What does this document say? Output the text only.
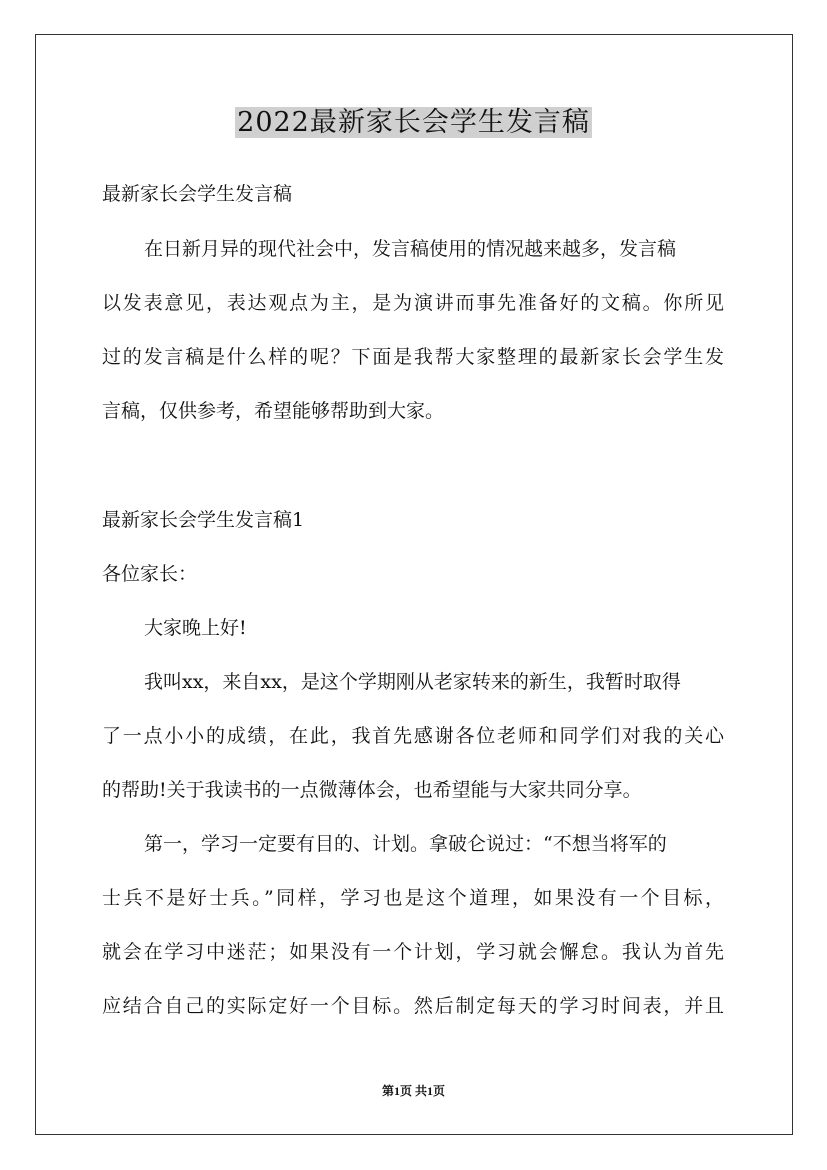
2022最新家长会学生发言稿
最新家长会学生发言稿
在日新月异的现代社会中，发言稿使用的情况越来越多，发言稿
以发表意见，表达观点为主，是为演讲而事先准备好的文稿。你所见
过的发言稿是什么样的呢？下面是我帮大家整理的最新家长会学生发
言稿，仅供参考，希望能够帮助到大家。
最新家长会学生发言稿1
各位家长：
大家晚上好!
我叫xx，来自xx，是这个学期刚从老家转来的新生，我暂时取得
了一点小小的成绩，在此，我首先感谢各位老师和同学们对我的关心
的帮助!关于我读书的一点微薄体会，也希望能与大家共同分享。
第一，学习一定要有目的、计划。拿破仑说过：“不想当将军的
士兵不是好士兵。”同样，学习也是这个道理，如果没有一个目标，
就会在学习中迷茫；如果没有一个计划，学习就会懈怠。我认为首先
应结合自己的实际定好一个目标。然后制定每天的学习时间表，并且
第1页 共1页
